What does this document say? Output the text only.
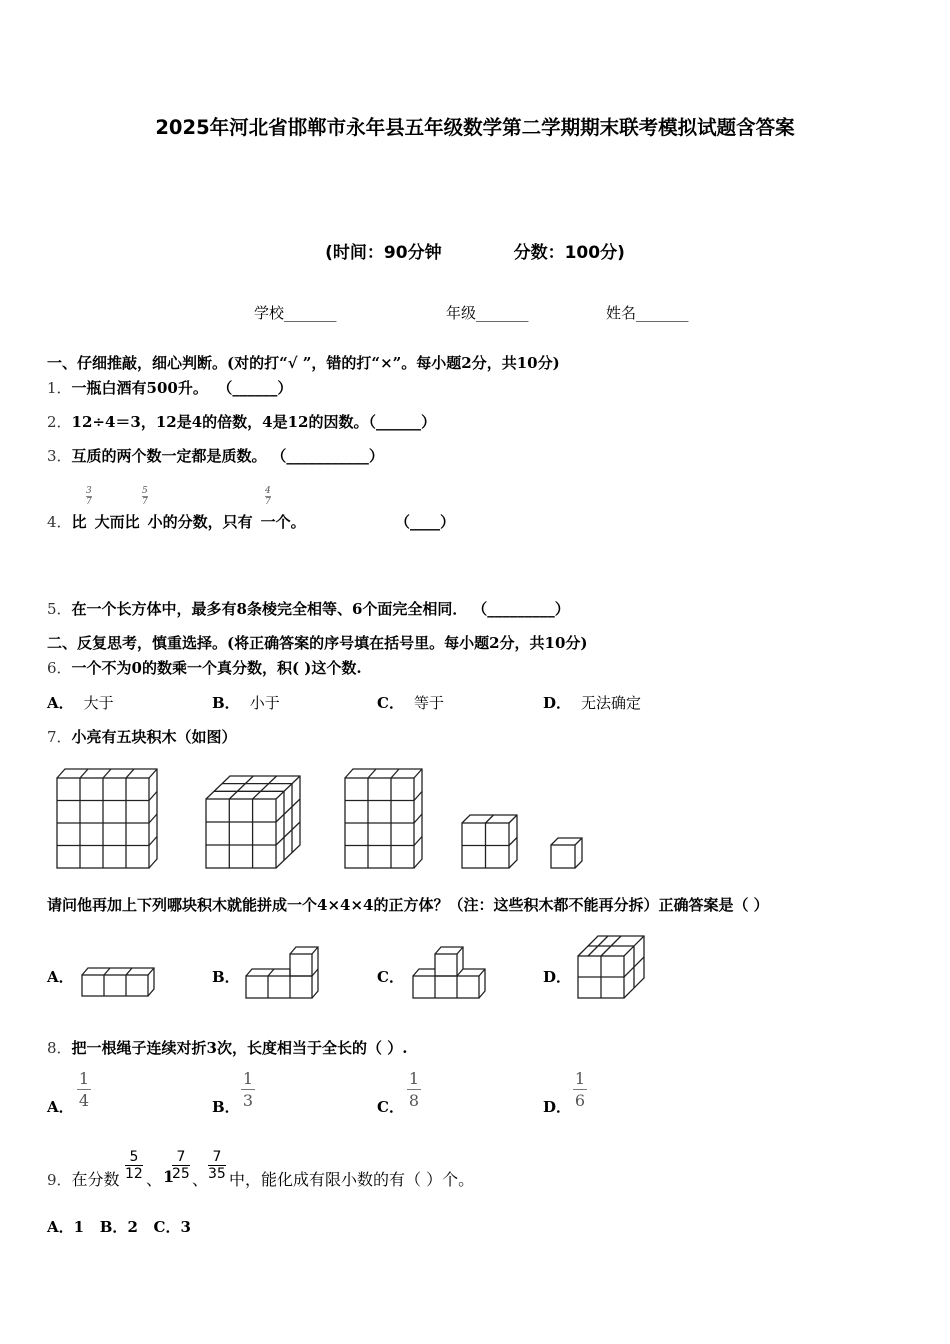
2025年河北省邯郸市永年县五年级数学第二学期期末联考模拟试题含答案
(时间：90分钟	分数：100分)
学校_______	年级_______	姓名_______
一、仔细推敲，细心判断。(对的打“√ ”，错的打“×”。每小题2分，共10分)
1．一瓶白酒有500升。 （______）
2．12÷4＝3，12是4的倍数，4是12的因数。（______）
3．互质的两个数一定都是质数。 （___________）
4．比 大而比 小的分数，只有 一个。	（____）
3
7
5
7
4
7
5．在一个长方体中，最多有8条棱完全相等、6个面完全相同． （_________）
二、反复思考，慎重选择。(将正确答案的序号填在括号里。每小题2分，共10分)
6．一个不为0的数乘一个真分数，积( )这个数.
A． 大于	B． 小于	C． 等于	D． 无法确定
7．小亮有五块积木（如图）
请问他再加上下列哪块积木就能拼成一个4×4×4的正方体？（注：这些积木都不能再分拆）正确答案是（ ）
A．	B．	C．	D．
8．把一根绳子连续对折3次，长度相当于全长的（ ）.
A．
1
4	B．
1
3	C．
1
8	D．
1
6
9．在分数
5
12 、 1
7
25 、
7
35 中，能化成有限小数的有（ ）个。
A．1 B．2 C．3
